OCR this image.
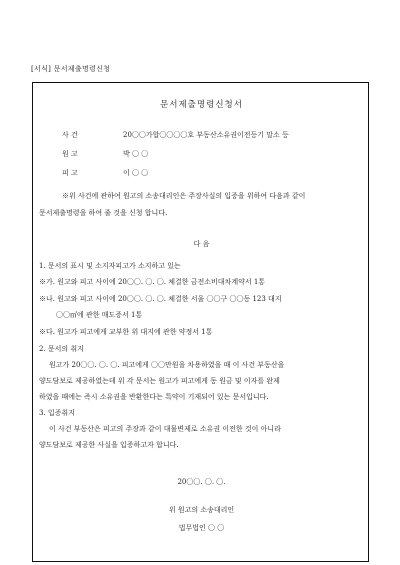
[서식] 문서제출명령신청
문서제출명령신청서
사 건	20〇〇가합〇〇〇〇호 부동산소유권이전등기 말소 등
원 고	박 〇 〇
피 고	이 〇 〇
※위 사건에 관하여 원고의 소송대리인은 주장사실의 입증을 위하여 다음과 같이
문서제출명령을 하여 줄 것을 신청 합니다.
다 음
1. 문서의 표시 및 소지자피고가 소지하고 있는
※가. 원고와 피고 사이에 20〇〇. 〇. 〇. 체결한 금전소비대차계약서 1통
※나. 원고와 피고 사이에 20〇〇. 〇. 〇. 체결한 서울 〇〇구 〇〇동 123 대지
〇〇㎡에 관한 매도증서 1통
※다. 원고가 피고에게 교부한 위 대지에 관한 약정서 1통
2. 문서의 취지
원고가 20〇〇. 〇. 〇. 피고에게 〇〇만원을 차용하였을 때 이 사건 부동산을
양도담보로 제공하였는데 위 각 문서는 원고가 피고에게 동 원금 및 이자를 완제
하였을 때에는 즉시 소유권을 반환한다는 특약이 기재되어 있는 문서입니다.
3. 입증취지
이 사건 부동산은 피고의 주장과 같이 대물변제로 소유권 이전한 것이 아니라
양도담보로 제공한 사실을 입증하고자 합니다.
20〇〇. 〇. 〇.
위 원고의 소송대리인
법무법인 〇 〇
